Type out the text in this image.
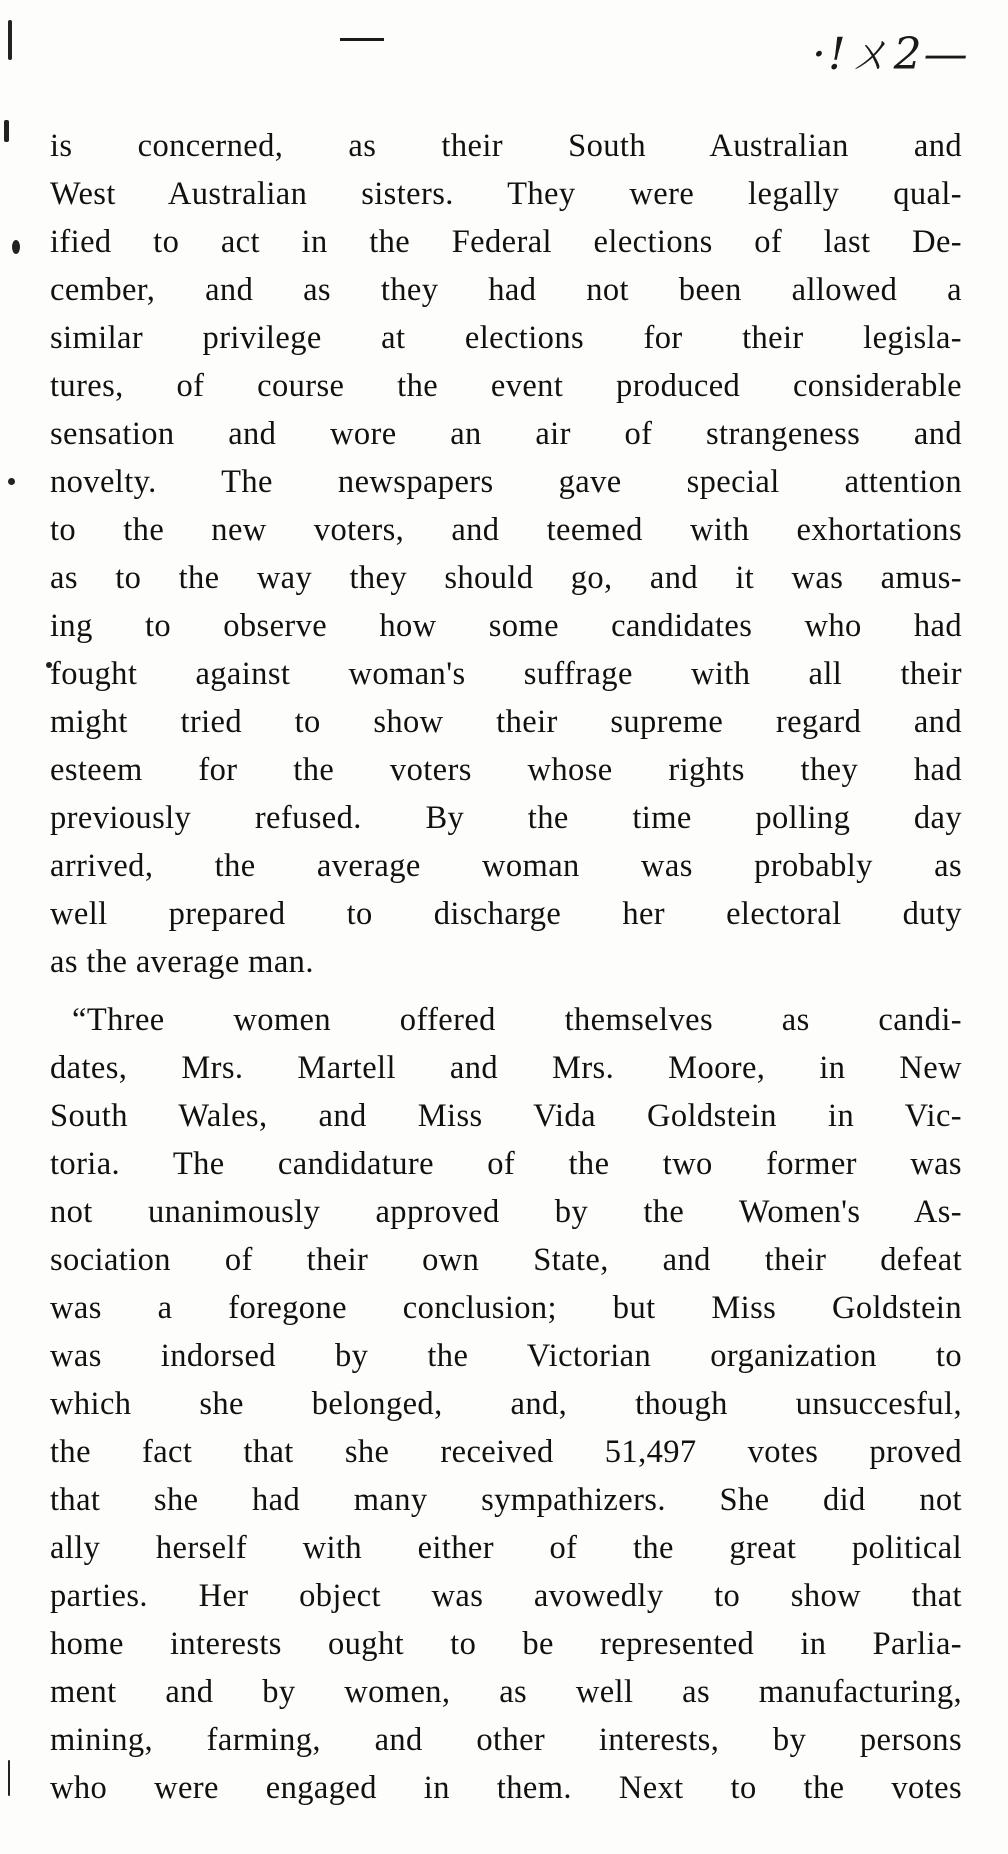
·!ㄨ2—
is concerned, as their South Australian and
West Australian sisters. They were legally qual-
ified to act in the Federal elections of last De-
cember, and as they had not been allowed a
similar privilege at elections for their legisla-
tures, of course the event produced considerable
sensation and wore an air of strangeness and
novelty. The newspapers gave special attention
to the new voters, and teemed with exhortations
as to the way they should go, and it was amus-
ing to observe how some candidates who had
fought against woman's suffrage with all their
might tried to show their supreme regard and
esteem for the voters whose rights they had
previously refused. By the time polling day
arrived, the average woman was probably as
well prepared to discharge her electoral duty
as the average man.
“Three women offered themselves as candi-
dates, Mrs. Martell and Mrs. Moore, in New
South Wales, and Miss Vida Goldstein in Vic-
toria. The candidature of the two former was
not unanimously approved by the Women's As-
sociation of their own State, and their defeat
was a foregone conclusion; but Miss Goldstein
was indorsed by the Victorian organization to
which she belonged, and, though unsuccesful,
the fact that she received 51,497 votes proved
that she had many sympathizers. She did not
ally herself with either of the great political
parties. Her object was avowedly to show that
home interests ought to be represented in Parlia-
ment and by women, as well as manufacturing,
mining, farming, and other interests, by persons
who were engaged in them. Next to the votes
